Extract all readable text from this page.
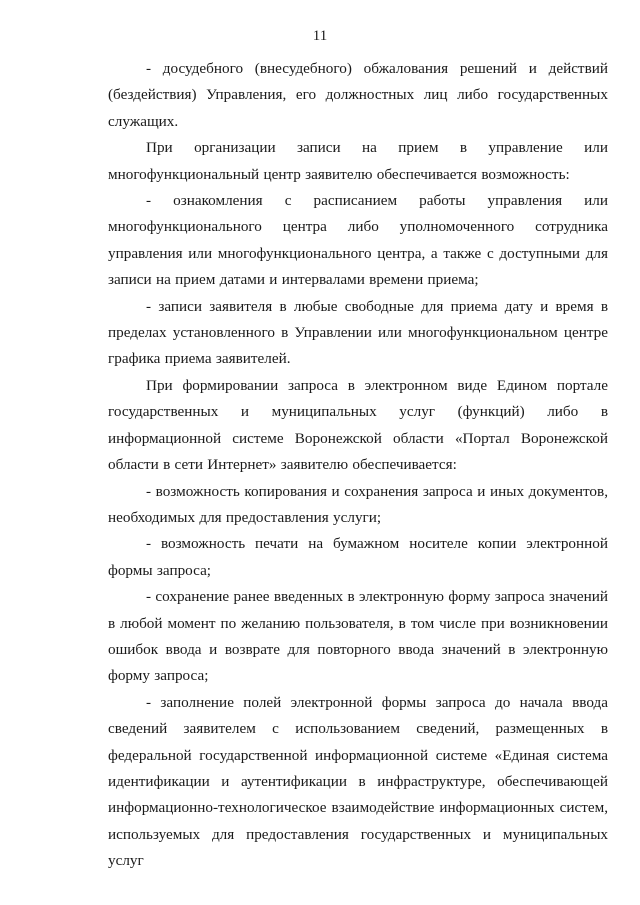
11

- досудебного (внесудебного) обжалования решений и действий (бездействия) Управления, его должностных лиц либо государственных служащих.

При организации записи на прием в управление или многофункциональный центр заявителю обеспечивается возможность:

- ознакомления с расписанием работы управления или многофункционального центра либо уполномоченного сотрудника управления или многофункционального центра, а также с доступными для записи на прием датами и интервалами времени приема;

- записи заявителя в любые свободные для приема дату и время в пределах установленного в Управлении или многофункциональном центре графика приема заявителей.

При формировании запроса в электронном виде Едином портале государственных и муниципальных услуг (функций) либо в информационной системе Воронежской области «Портал Воронежской области в сети Интернет» заявителю обеспечивается:

- возможность копирования и сохранения запроса и иных документов, необходимых для предоставления услуги;

- возможность печати на бумажном носителе копии электронной формы запроса;

- сохранение ранее введенных в электронную форму запроса значений в любой момент по желанию пользователя, в том числе при возникновении ошибок ввода и возврате для повторного ввода значений в электронную форму запроса;

- заполнение полей электронной формы запроса до начала ввода сведений заявителем с использованием сведений, размещенных в федеральной государственной информационной системе «Единая система идентификации и аутентификации в инфраструктуре, обеспечивающей информационно-технологическое взаимодействие информационных систем, используемых для предоставления государственных и муниципальных услуг
